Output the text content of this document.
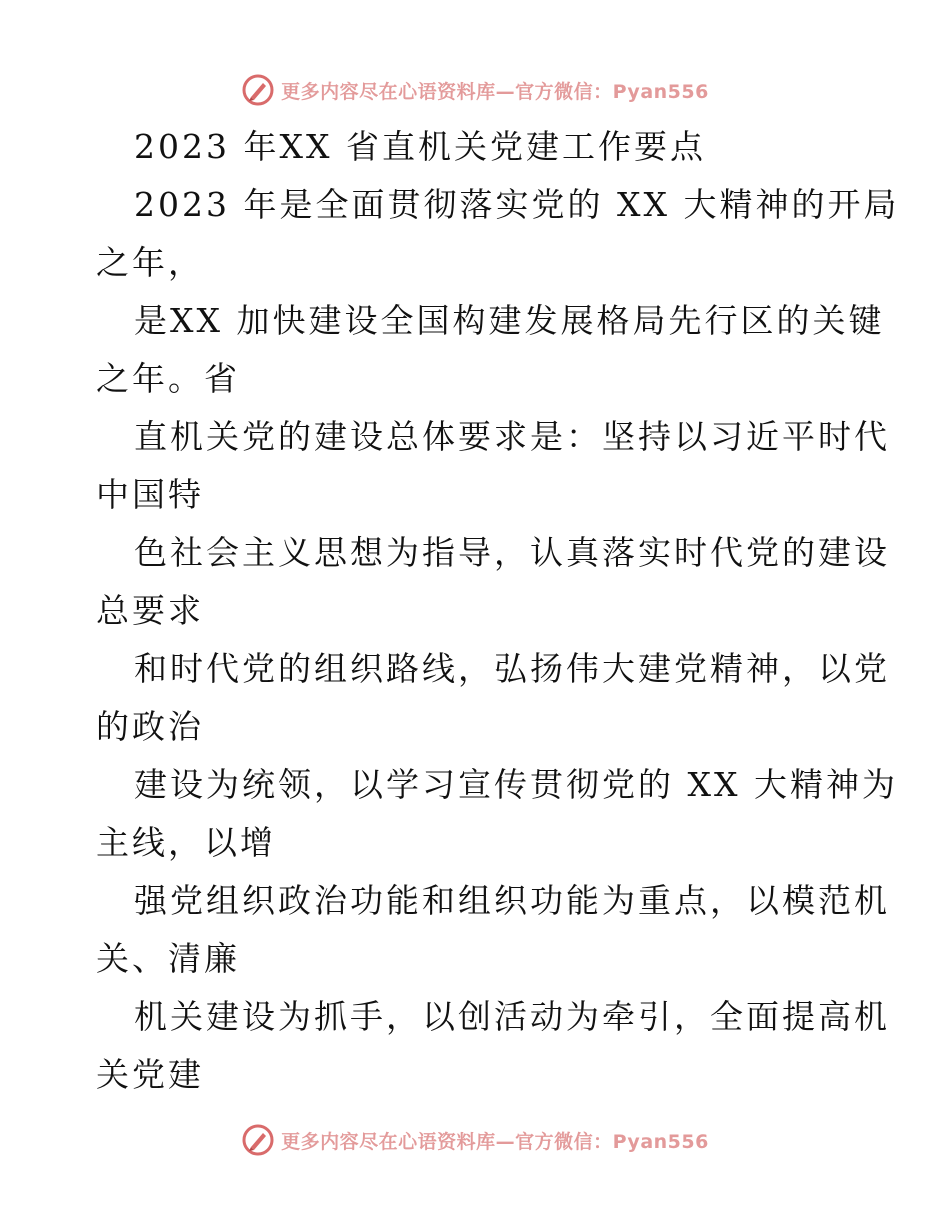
更多内容尽在心语资料库—官方微信：Pyan556
2023 年XX 省直机关党建工作要点
2023 年是全面贯彻落实党的 XX 大精神的开局
之年，
是XX 加快建设全国构建发展格局先行区的关键
之年。省
直机关党的建设总体要求是：坚持以习近平时代
中国特
色社会主义思想为指导，认真落实时代党的建设
总要求
和时代党的组织路线，弘扬伟大建党精神，以党
的政治
建设为统领，以学习宣传贯彻党的 XX 大精神为
主线，以增
强党组织政治功能和组织功能为重点，以模范机
关、清廉
机关建设为抓手，以创活动为牵引，全面提高机
关党建
更多内容尽在心语资料库—官方微信：Pyan556
